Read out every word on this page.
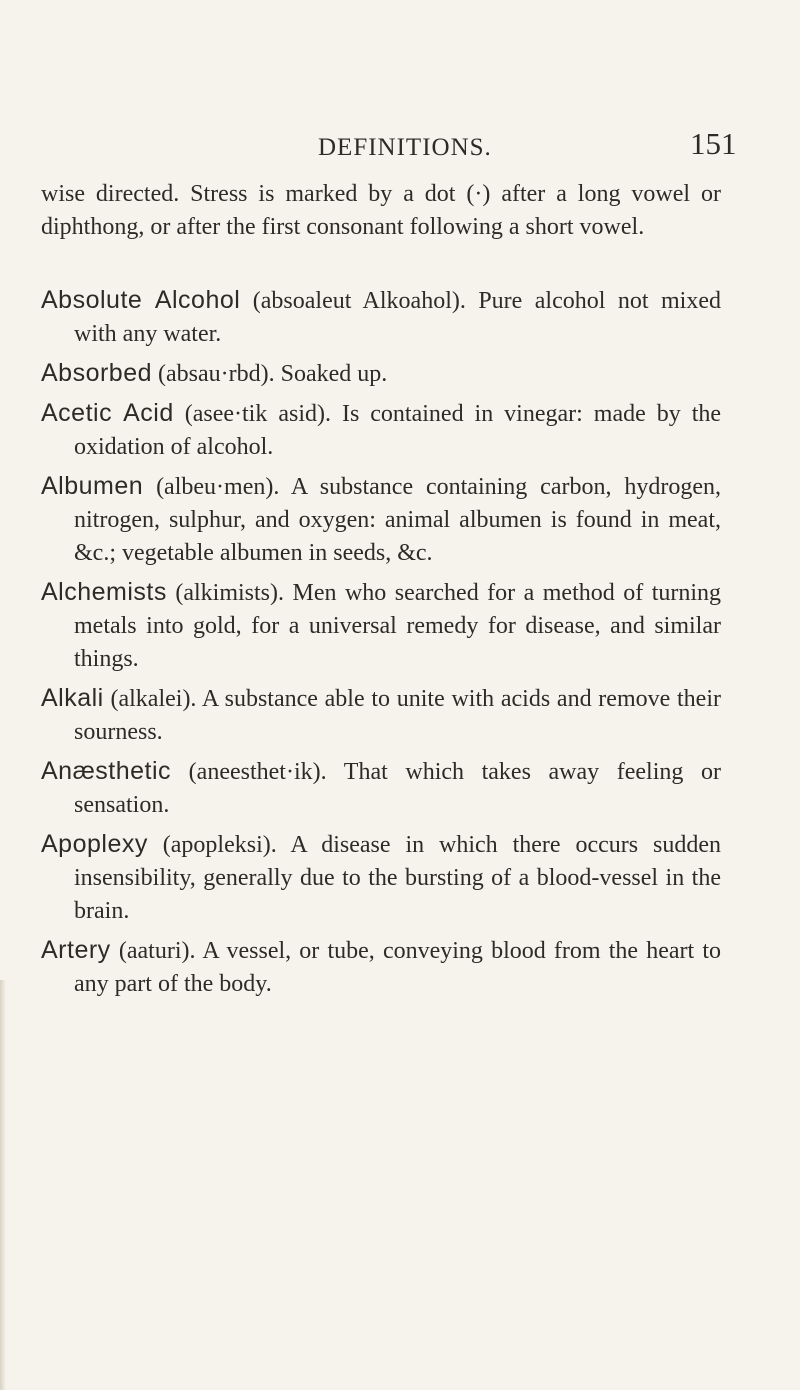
DEFINITIONS.	151

wise directed. Stress is marked by a dot (·) after a long vowel or diphthong, or after the first consonant following a short vowel.

Absolute Alcohol (absoaleut Alkoahol). Pure alcohol not mixed with any water.

Absorbed (absau·rbd). Soaked up.

Acetic Acid (asee·tik asid). Is contained in vinegar: made by the oxidation of alcohol.

Albumen (albeu·men). A substance containing carbon, hydrogen, nitrogen, sulphur, and oxygen: animal albumen is found in meat, &c.; vegetable albumen in seeds, &c.

Alchemists (alkimists). Men who searched for a method of turning metals into gold, for a universal remedy for disease, and similar things.

Alkali (alkalei). A substance able to unite with acids and remove their sourness.

Anæsthetic (aneesthet·ik). That which takes away feeling or sensation.

Apoplexy (apopleksi). A disease in which there occurs sudden insensibility, generally due to the bursting of a blood-vessel in the brain.

Artery (aaturi). A vessel, or tube, conveying blood from the heart to any part of the body.
